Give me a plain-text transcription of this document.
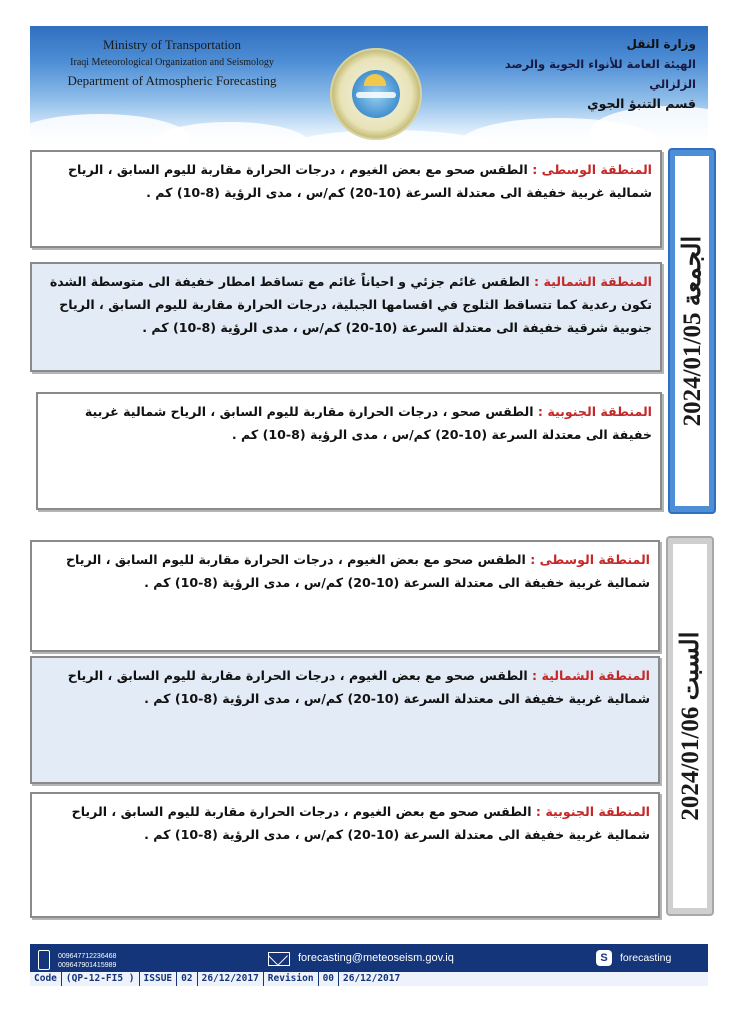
Ministry of Transportation
Iraqi Meteorological Organization and Seismology
Department of Atmospheric Forecasting
وزارة النقل
الهيئة العامة للأنواء الجوية والرصد الزلزالي
قسم التنبؤ الجوي
الجمعة 2024/01/05

المنطقة الوسطى : الطقس صحو مع بعض الغيوم ، درجات الحرارة مقاربة لليوم السابق ، الرياح شمالية غربية خفيفة الى معتدلة السرعة (10-20) كم/س ، مدى الرؤية (8-10) كم .

المنطقة الشمالية : الطقس غائم جزئي و احياناً غائم مع تساقط امطار خفيفة الى متوسطة الشدة تكون رعدية كما تتساقط الثلوج في اقسامها الجبلية، درجات الحرارة مقاربة لليوم السابق ، الرياح جنوبية شرقية خفيفة الى معتدلة السرعة (10-20) كم/س ، مدى الرؤية (8-10) كم .

المنطقة الجنوبية : الطقس صحو ، درجات الحرارة مقاربة لليوم السابق ، الرياح شمالية غربية خفيفة الى معتدلة السرعة (10-20) كم/س ، مدى الرؤية (8-10) كم .

السبت 2024/01/06

المنطقة الوسطى : الطقس صحو مع بعض الغيوم ، درجات الحرارة مقاربة لليوم السابق ، الرياح شمالية غربية خفيفة الى معتدلة السرعة (10-20) كم/س ، مدى الرؤية (8-10) كم .

المنطقة الشمالية : الطقس صحو مع بعض الغيوم ، درجات الحرارة مقاربة لليوم السابق ، الرياح شمالية غربية خفيفة الى معتدلة السرعة (10-20) كم/س ، مدى الرؤية (8-10) كم .

المنطقة الجنوبية : الطقس صحو مع بعض الغيوم ، درجات الحرارة مقاربة لليوم السابق ، الرياح شمالية غربية خفيفة الى معتدلة السرعة (10-20) كم/س ، مدى الرؤية (8-10) كم .

009647712236468
009647901415989
forecasting@meteoseism.gov.iq	S	forecasting
Code (QP-12-FI5 ) ISSUE 02 26/12/2017 Revision 00 26/12/2017
